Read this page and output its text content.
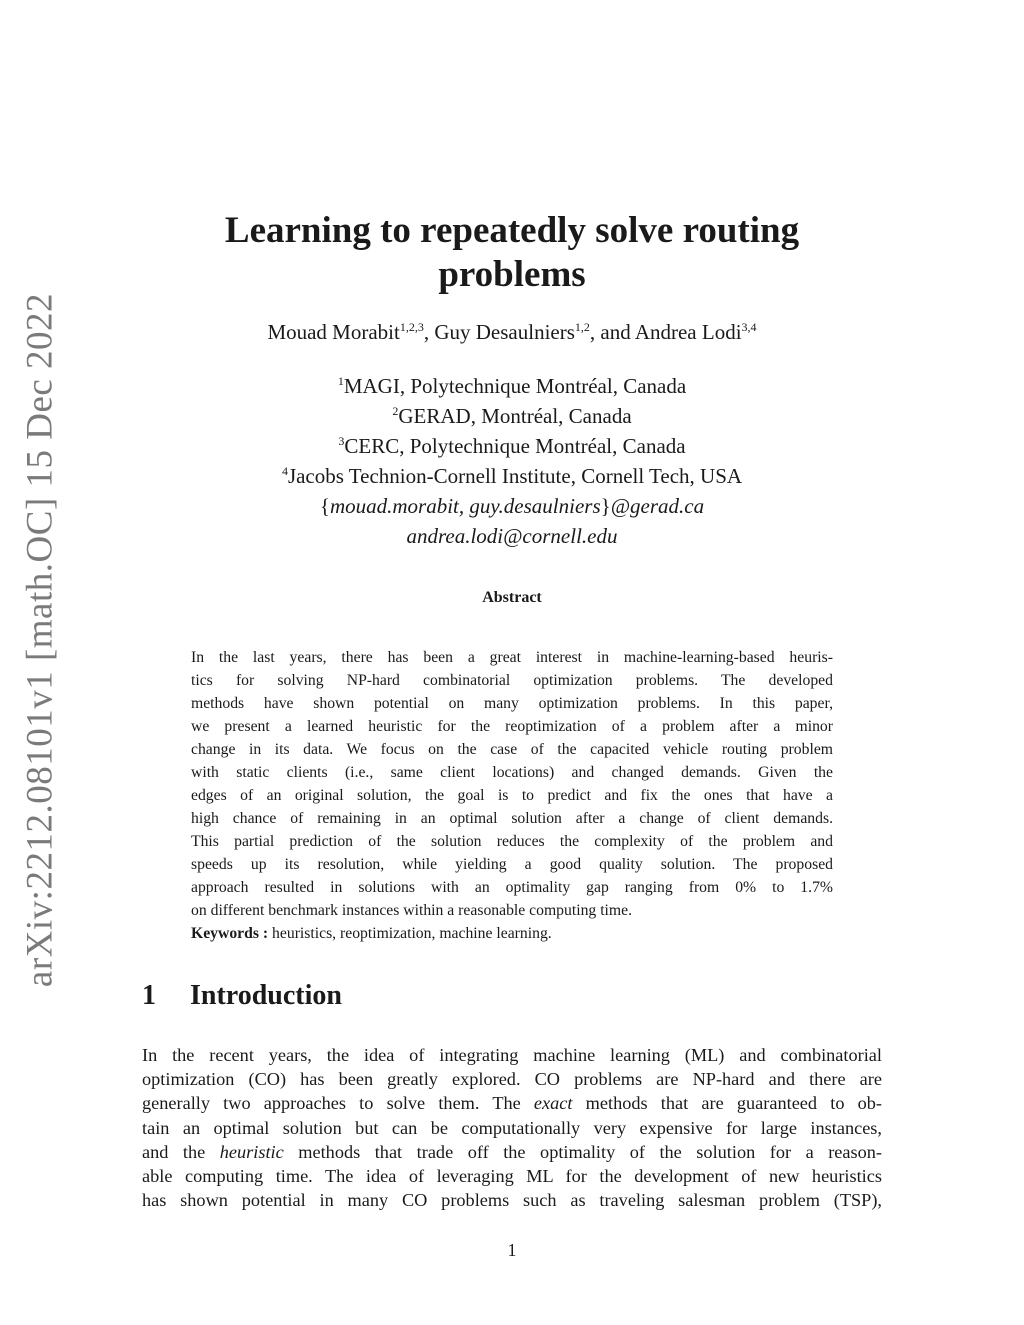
arXiv:2212.08101v1 [math.OC] 15 Dec 2022
Learning to repeatedly solve routing
problems
Mouad Morabit$^{1,2,3}$, Guy Desaulniers$^{1,2}$, and Andrea Lodi$^{3,4}$
$^1$MAGI, Polytechnique Montréal, Canada
$^2$GERAD, Montréal, Canada
$^3$CERC, Polytechnique Montréal, Canada
$^4$Jacobs Technion-Cornell Institute, Cornell Tech, USA
{mouad.morabit, guy.desaulniers}@gerad.ca
andrea.lodi@cornell.edu
Abstract
In the last years, there has been a great interest in machine-learning-based heuris-
tics for solving NP-hard combinatorial optimization problems. The developed
methods have shown potential on many optimization problems. In this paper,
we present a learned heuristic for the reoptimization of a problem after a minor
change in its data. We focus on the case of the capacited vehicle routing problem
with static clients (i.e., same client locations) and changed demands. Given the
edges of an original solution, the goal is to predict and fix the ones that have a
high chance of remaining in an optimal solution after a change of client demands.
This partial prediction of the solution reduces the complexity of the problem and
speeds up its resolution, while yielding a good quality solution. The proposed
approach resulted in solutions with an optimality gap ranging from 0% to 1.7%
on different benchmark instances within a reasonable computing time.
Keywords : heuristics, reoptimization, machine learning.
1 Introduction
In the recent years, the idea of integrating machine learning (ML) and combinatorial
optimization (CO) has been greatly explored. CO problems are NP-hard and there are
generally two approaches to solve them. The exact methods that are guaranteed to ob-
tain an optimal solution but can be computationally very expensive for large instances,
and the heuristic methods that trade off the optimality of the solution for a reason-
able computing time. The idea of leveraging ML for the development of new heuristics
has shown potential in many CO problems such as traveling salesman problem (TSP),
1
